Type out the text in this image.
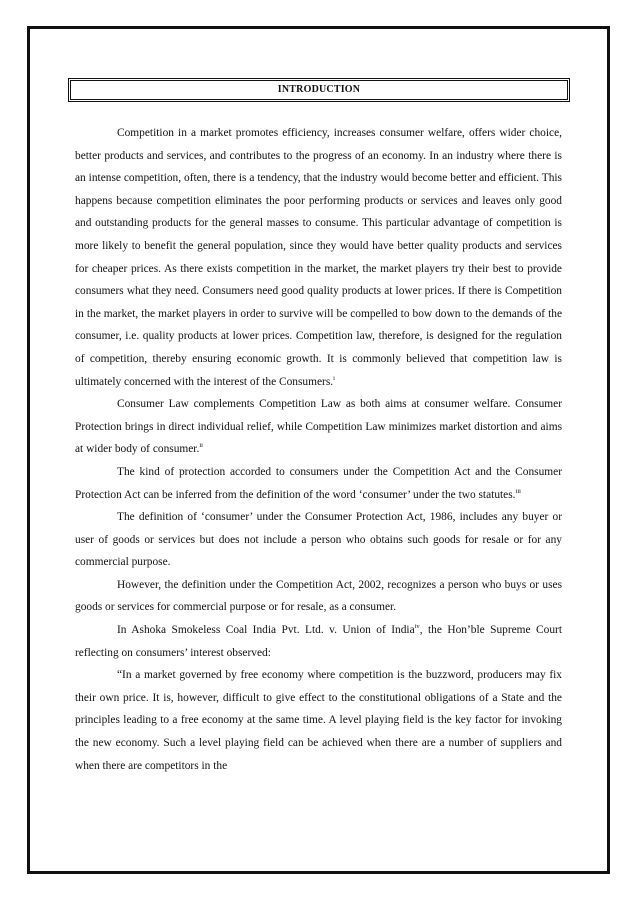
INTRODUCTION

Competition in a market promotes efficiency, increases consumer welfare, offers wider choice, better products and services, and contributes to the progress of an economy. In an industry where there is an intense competition, often, there is a tendency, that the industry would become better and efficient. This happens because competition eliminates the poor performing products or services and leaves only good and outstanding products for the general masses to consume. This particular advantage of competition is more likely to benefit the general population, since they would have better quality products and services for cheaper prices. As there exists competition in the market, the market players try their best to provide consumers what they need. Consumers need good quality products at lower prices. If there is Competition in the market, the market players in order to survive will be compelled to bow down to the demands of the consumer, i.e. quality products at lower prices. Competition law, therefore, is designed for the regulation of competition, thereby ensuring economic growth. It is commonly believed that competition law is ultimately concerned with the interest of the Consumers.$^i$

Consumer Law complements Competition Law as both aims at consumer welfare. Consumer Protection brings in direct individual relief, while Competition Law minimizes market distortion and aims at wider body of consumer.$^{ii}$

The kind of protection accorded to consumers under the Competition Act and the Consumer Protection Act can be inferred from the definition of the word ‘consumer’ under the two statutes.$^{iii}$

The definition of ‘consumer’ under the Consumer Protection Act, 1986, includes any buyer or user of goods or services but does not include a person who obtains such goods for resale or for any commercial purpose.

However, the definition under the Competition Act, 2002, recognizes a person who buys or uses goods or services for commercial purpose or for resale, as a consumer.

In Ashoka Smokeless Coal India Pvt. Ltd. v. Union of India$^{iv}$, the Hon’ble Supreme Court reflecting on consumers’ interest observed:

“In a market governed by free economy where competition is the buzzword, producers may fix their own price. It is, however, difficult to give effect to the constitutional obligations of a State and the principles leading to a free economy at the same time. A level playing field is the key factor for invoking the new economy. Such a level playing field can be achieved when there are a number of suppliers and when there are competitors in the
